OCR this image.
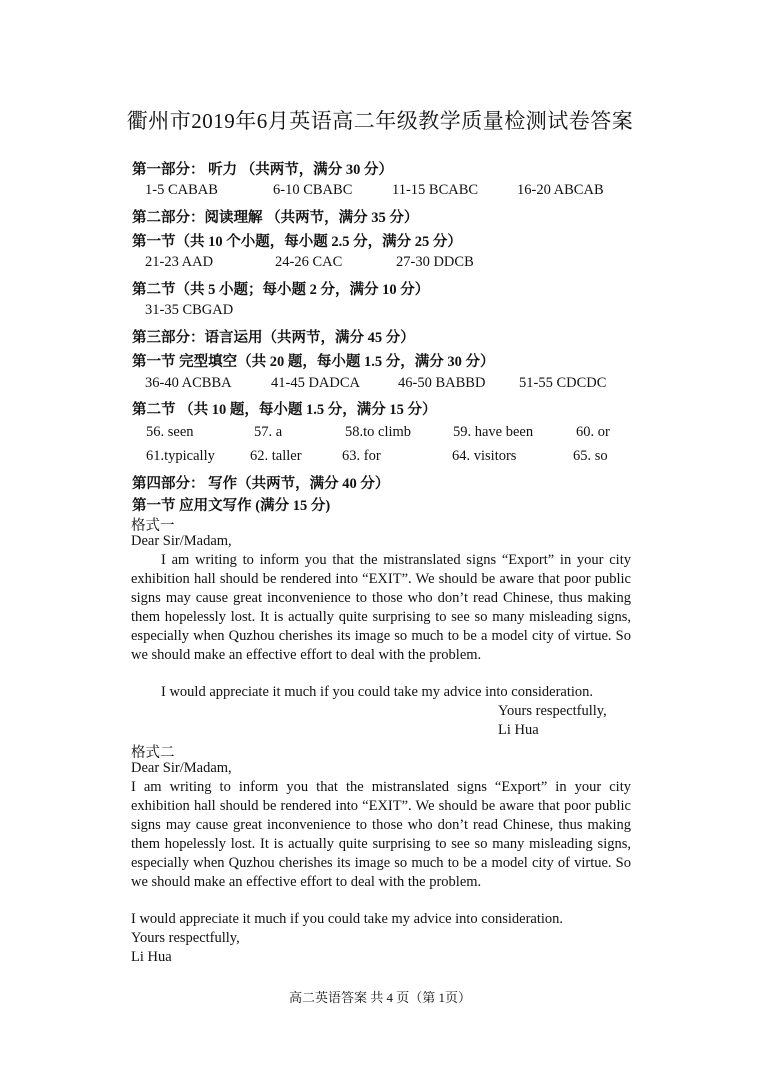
衢州市2019年6月英语高二年级教学质量检测试卷答案
第一部分： 听力 （共两节，满分 30 分）
1-5 CABAB	6-10 CBABC	11-15 BCABC	16-20 ABCAB
第二部分：阅读理解 （共两节，满分 35 分）
第一节（共 10 个小题，每小题 2.5 分，满分 25 分）
21-23 AAD	24-26 CAC	27-30 DDCB
第二节（共 5 小题；每小题 2 分，满分 10 分）
31-35 CBGAD
第三部分：语言运用（共两节，满分 45 分）
第一节 完型填空（共 20 题，每小题 1.5 分，满分 30 分）
36-40 ACBBA	41-45 DADCA	46-50 BABBD 51-55 CDCDC
第二节 （共 10 题，每小题 1.5 分，满分 15 分）
56. seen	57. a	58.to climb	59. have been	60. or
61.typically 62. taller	63. for	64. visitors	65. so
第四部分： 写作（共两节，满分 40 分）
第一节 应用文写作 (满分 15 分)
格式一
Dear Sir/Madam,
I am writing to inform you that the mistranslated signs “Export” in your city exhibition hall should be rendered into “EXIT”. We should be aware that poor public signs may cause great inconvenience to those who don’t read Chinese, thus making them hopelessly lost. It is actually quite surprising to see so many misleading signs, especially when Quzhou cherishes its image so much to be a model city of virtue. So we should make an effective effort to deal with the problem.
I would appreciate it much if you could take my advice into consideration.
Yours respectfully,
Li Hua
格式二
Dear Sir/Madam,
I am writing to inform you that the mistranslated signs “Export” in your city exhibition hall should be rendered into “EXIT”. We should be aware that poor public signs may cause great inconvenience to those who don’t read Chinese, thus making them hopelessly lost. It is actually quite surprising to see so many misleading signs, especially when Quzhou cherishes its image so much to be a model city of virtue. So we should make an effective effort to deal with the problem.
I would appreciate it much if you could take my advice into consideration.
Yours respectfully,
Li Hua
高二英语答案 共 4 页（第 1页）
